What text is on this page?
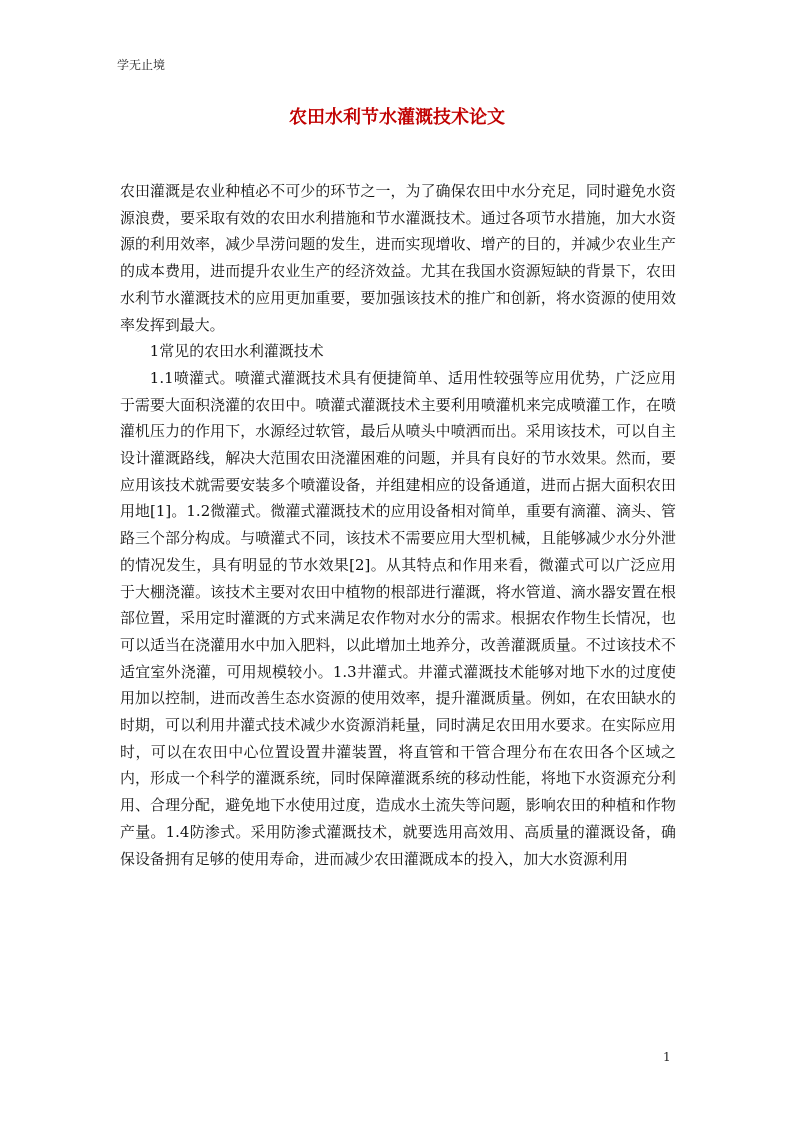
学无止境
农田水利节水灌溉技术论文

农田灌溉是农业种植必不可少的环节之一，为了确保农田中水分充足，同时避免水资源浪费，要采取有效的农田水利措施和节水灌溉技术。通过各项节水措施，加大水资源的利用效率，减少旱涝问题的发生，进而实现增收、增产的目的，并减少农业生产的成本费用，进而提升农业生产的经济效益。尤其在我国水资源短缺的背景下，农田水利节水灌溉技术的应用更加重要，要加强该技术的推广和创新，将水资源的使用效率发挥到最大。

1常见的农田水利灌溉技术

1.1喷灌式。喷灌式灌溉技术具有便捷简单、适用性较强等应用优势，广泛应用于需要大面积浇灌的农田中。喷灌式灌溉技术主要利用喷灌机来完成喷灌工作，在喷灌机压力的作用下，水源经过软管，最后从喷头中喷洒而出。采用该技术，可以自主设计灌溉路线，解决大范围农田浇灌困难的问题，并具有良好的节水效果。然而，要应用该技术就需要安装多个喷灌设备，并组建相应的设备通道，进而占据大面积农田用地[1]。1.2微灌式。微灌式灌溉技术的应用设备相对简单，重要有滴灌、滴头、管路三个部分构成。与喷灌式不同，该技术不需要应用大型机械，且能够减少水分外泄的情况发生，具有明显的节水效果[2]。从其特点和作用来看，微灌式可以广泛应用于大棚浇灌。该技术主要对农田中植物的根部进行灌溉，将水管道、滴水器安置在根部位置，采用定时灌溉的方式来满足农作物对水分的需求。根据农作物生长情况，也可以适当在浇灌用水中加入肥料，以此增加土地养分，改善灌溉质量。不过该技术不适宜室外浇灌，可用规模较小。1.3井灌式。井灌式灌溉技术能够对地下水的过度使用加以控制，进而改善生态水资源的使用效率，提升灌溉质量。例如，在农田缺水的时期，可以利用井灌式技术减少水资源消耗量，同时满足农田用水要求。在实际应用时，可以在农田中心位置设置井灌装置，将直管和干管合理分布在农田各个区域之内，形成一个科学的灌溉系统，同时保障灌溉系统的移动性能，将地下水资源充分利用、合理分配，避免地下水使用过度，造成水土流失等问题，影响农田的种植和作物产量。1.4防渗式。采用防渗式灌溉技术，就要选用高效用、高质量的灌溉设备，确保设备拥有足够的使用寿命，进而减少农田灌溉成本的投入，加大水资源利用

1
